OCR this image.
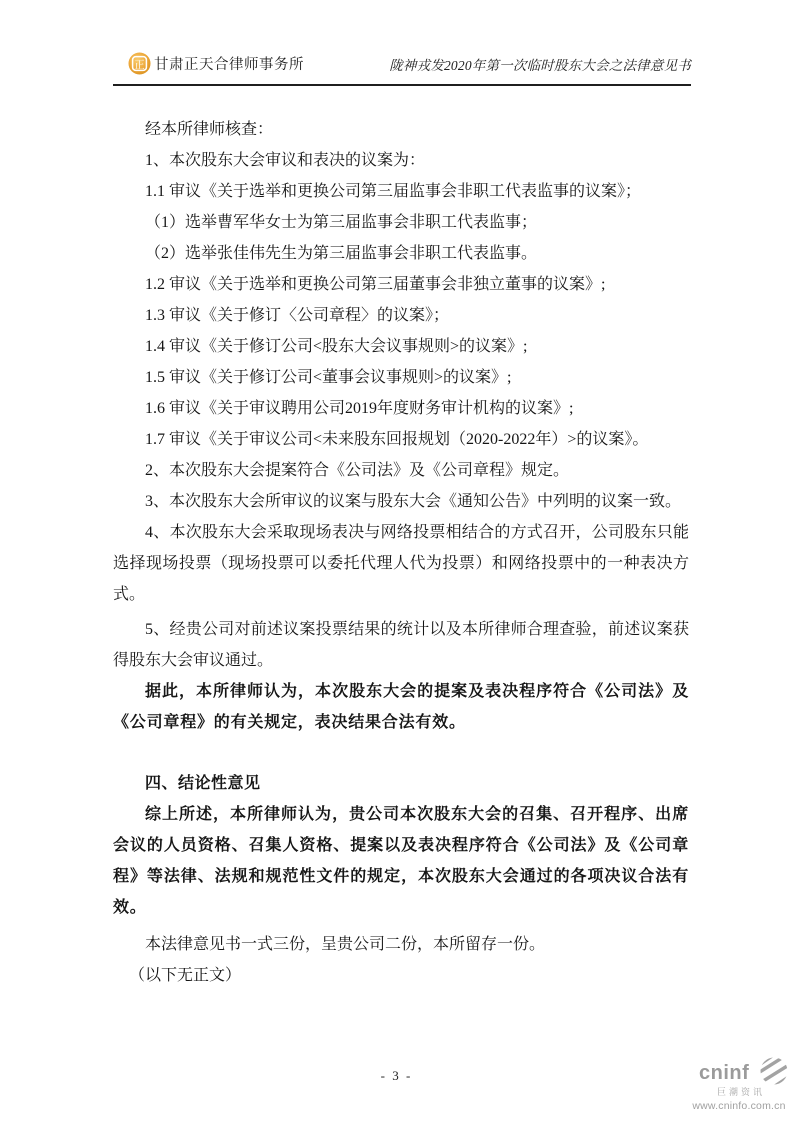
正 甘肃正天合律师事务所	陇神戎发2020年第一次临时股东大会之法律意见书

经本所律师核查：

1、本次股东大会审议和表决的议案为：

1.1 审议《关于选举和更换公司第三届监事会非职工代表监事的议案》；

（1）选举曹军华女士为第三届监事会非职工代表监事；

（2）选举张佳伟先生为第三届监事会非职工代表监事。

1.2 审议《关于选举和更换公司第三届董事会非独立董事的议案》;

1.3 审议《关于修订〈公司章程〉的议案》；

1.4 审议《关于修订公司<股东大会议事规则>的议案》;

1.5 审议《关于修订公司<董事会议事规则>的议案》;

1.6 审议《关于审议聘用公司2019年度财务审计机构的议案》;

1.7 审议《关于审议公司<未来股东回报规划（2020-2022年）>的议案》。

2、本次股东大会提案符合《公司法》及《公司章程》规定。

3、本次股东大会所审议的议案与股东大会《通知公告》中列明的议案一致。

4、本次股东大会采取现场表决与网络投票相结合的方式召开，公司股东只能选择现场投票（现场投票可以委托代理人代为投票）和网络投票中的一种表决方式。

5、经贵公司对前述议案投票结果的统计以及本所律师合理查验，前述议案获得股东大会审议通过。

据此，本所律师认为，本次股东大会的提案及表决程序符合《公司法》及《公司章程》的有关规定，表决结果合法有效。

四、结论性意见

综上所述，本所律师认为，贵公司本次股东大会的召集、召开程序、出席会议的人员资格、召集人资格、提案以及表决程序符合《公司法》及《公司章程》等法律、法规和规范性文件的规定，本次股东大会通过的各项决议合法有效。

本法律意见书一式三份，呈贵公司二份，本所留存一份。

（以下无正文）

- 3 -	cninf
巨潮资讯
www.cninfo.com.cn
